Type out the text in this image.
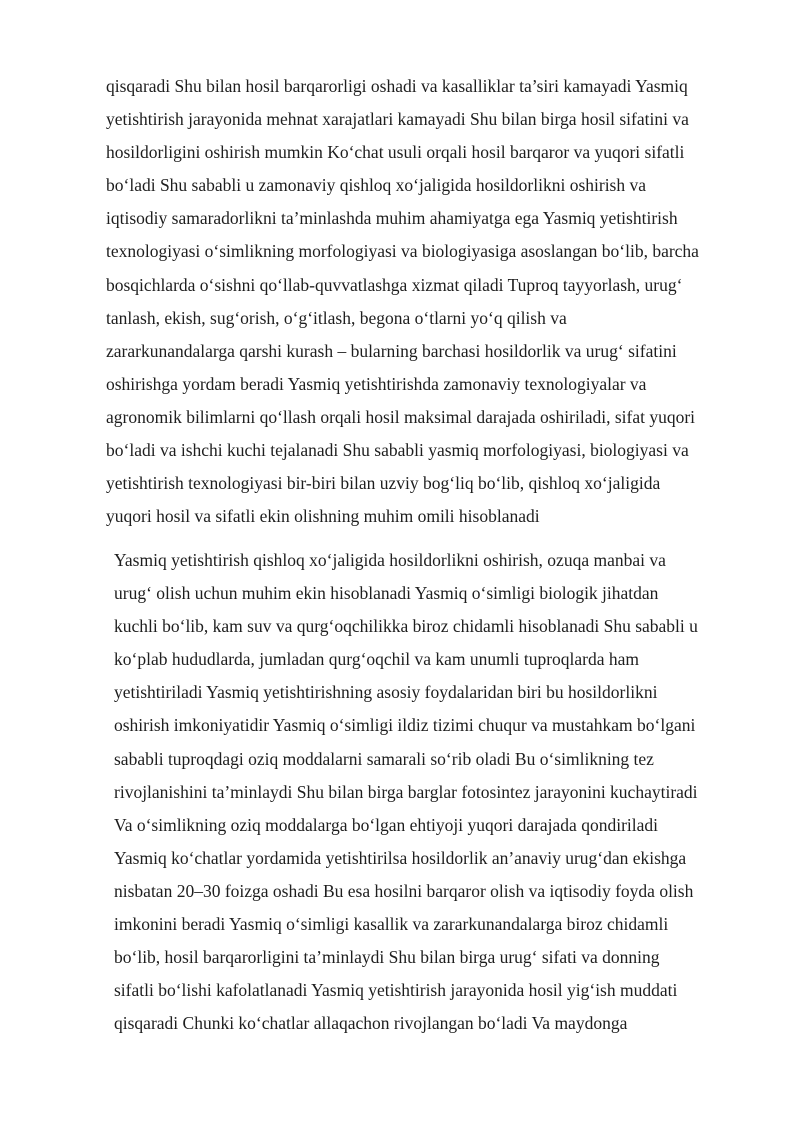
qisqaradi Shu bilan hosil barqarorligi oshadi va kasalliklar ta’siri kamayadi Yasmiq
yetishtirish jarayonida mehnat xarajatlari kamayadi Shu bilan birga hosil sifatini va
hosildorligini oshirish mumkin Ko‘chat usuli orqali hosil barqaror va yuqori sifatli
bo‘ladi Shu sababli u zamonaviy qishloq xo‘jaligida hosildorlikni oshirish va
iqtisodiy samaradorlikni ta’minlashda muhim ahamiyatga ega Yasmiq yetishtirish
texnologiyasi o‘simlikning morfologiyasi va biologiyasiga asoslangan bo‘lib, barcha
bosqichlarda o‘sishni qo‘llab-quvvatlashga xizmat qiladi Tuproq tayyorlash, urug‘
tanlash, ekish, sug‘orish, o‘g‘itlash, begona o‘tlarni yo‘q qilish va
zararkunandalarga qarshi kurash – bularning barchasi hosildorlik va urug‘ sifatini
oshirishga yordam beradi Yasmiq yetishtirishda zamonaviy texnologiyalar va
agronomik bilimlarni qo‘llash orqali hosil maksimal darajada oshiriladi, sifat yuqori
bo‘ladi va ishchi kuchi tejalanadi Shu sababli yasmiq morfologiyasi, biologiyasi va
yetishtirish texnologiyasi bir-biri bilan uzviy bog‘liq bo‘lib, qishloq xo‘jaligida
yuqori hosil va sifatli ekin olishning muhim omili hisoblanadi
Yasmiq yetishtirish qishloq xo‘jaligida hosildorlikni oshirish, ozuqa manbai va
urug‘ olish uchun muhim ekin hisoblanadi Yasmiq o‘simligi biologik jihatdan
kuchli bo‘lib, kam suv va qurg‘oqchilikka biroz chidamli hisoblanadi Shu sababli u
ko‘plab hududlarda, jumladan qurg‘oqchil va kam unumli tuproqlarda ham
yetishtiriladi Yasmiq yetishtirishning asosiy foydalaridan biri bu hosildorlikni
oshirish imkoniyatidir Yasmiq o‘simligi ildiz tizimi chuqur va mustahkam bo‘lgani
sababli tuproqdagi oziq moddalarni samarali so‘rib oladi Bu o‘simlikning tez
rivojlanishini ta’minlaydi Shu bilan birga barglar fotosintez jarayonini kuchaytiradi
Va o‘simlikning oziq moddalarga bo‘lgan ehtiyoji yuqori darajada qondiriladi
Yasmiq ko‘chatlar yordamida yetishtirilsa hosildorlik an’anaviy urug‘dan ekishga
nisbatan 20–30 foizga oshadi Bu esa hosilni barqaror olish va iqtisodiy foyda olish
imkonini beradi Yasmiq o‘simligi kasallik va zararkunandalarga biroz chidamli
bo‘lib, hosil barqarorligini ta’minlaydi Shu bilan birga urug‘ sifati va donning
sifatli bo‘lishi kafolatlanadi Yasmiq yetishtirish jarayonida hosil yig‘ish muddati
qisqaradi Chunki ko‘chatlar allaqachon rivojlangan bo‘ladi Va maydonga
